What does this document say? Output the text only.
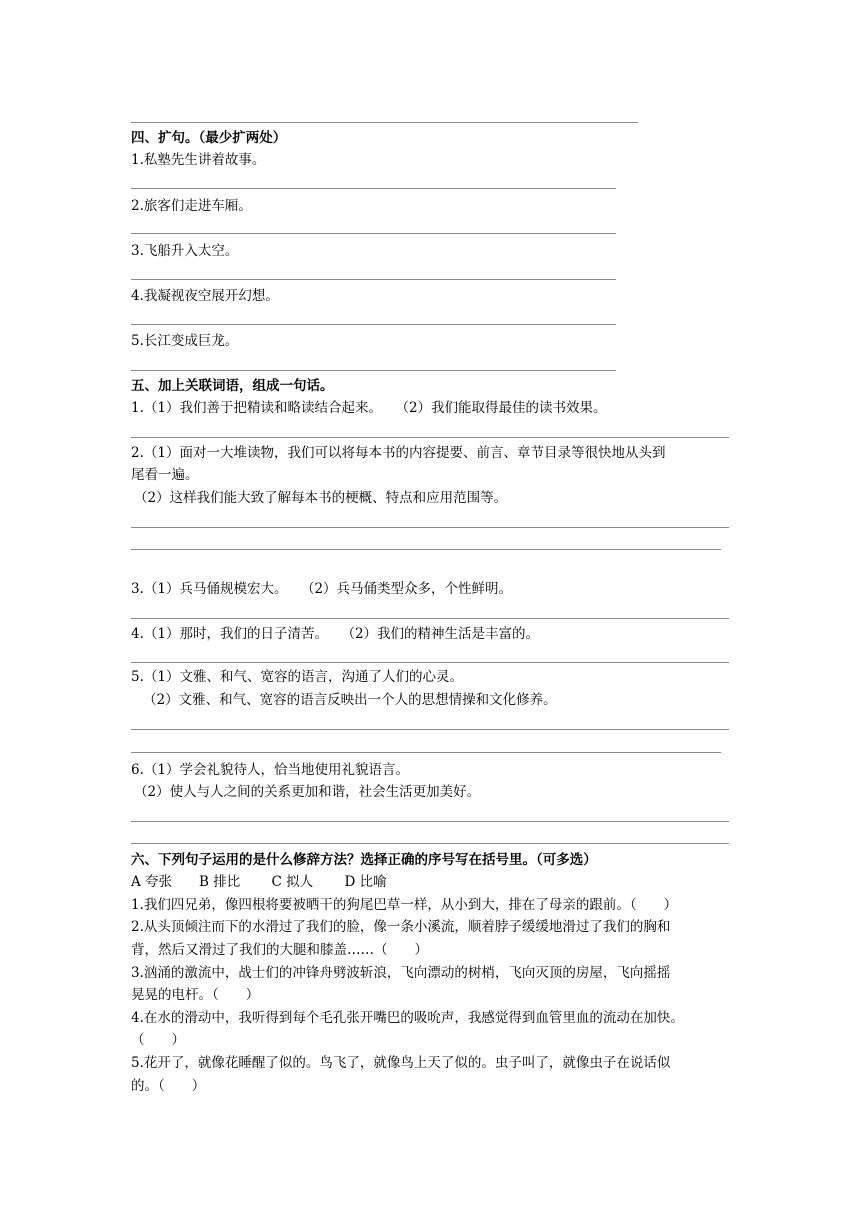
四、扩句。（最少扩两处）
1.私塾先生讲着故事。
2.旅客们走进车厢。
3.飞船升入太空。
4.我凝视夜空展开幻想。
5.长江变成巨龙。
五、加上关联词语，组成一句话。
1.（1）我们善于把精读和略读结合起来。　　（2）我们能取得最佳的读书效果。
2.（1）面对一大堆读物，我们可以将每本书的内容提要、前言、章节目录等很快地从头到
尾看一遍。
（2）这样我们能大致了解每本书的梗概、特点和应用范围等。
3.（1）兵马俑规模宏大。　　（2）兵马俑类型众多，个性鲜明。
4.（1）那时，我们的日子清苦。　　（2）我们的精神生活是丰富的。
5.（1）文雅、和气、宽容的语言，沟通了人们的心灵。
（2）文雅、和气、宽容的语言反映出一个人的思想情操和文化修养。
6.（1）学会礼貌待人，恰当地使用礼貌语言。
（2）使人与人之间的关系更加和谐，社会生活更加美好。
六、下列句子运用的是什么修辞方法？选择正确的序号写在括号里。（可多选）
A 夸张　　B 排比　　 C 拟人　　 D 比喻
1.我们四兄弟，像四根将要被晒干的狗尾巴草一样，从小到大，排在了母亲的跟前。（　　）
2.从头顶倾注而下的水滑过了我们的脸，像一条小溪流，顺着脖子缓缓地滑过了我们的胸和
背，然后又滑过了我们的大腿和膝盖……（　　）
3.汹涌的激流中，战士们的冲锋舟劈波斩浪，飞向漂动的树梢，飞向灭顶的房屋，飞向摇摇
晃晃的电杆。（　　）
4.在水的滑动中，我听得到每个毛孔张开嘴巴的吸吮声，我感觉得到血管里血的流动在加快。
（　　）
5.花开了，就像花睡醒了似的。鸟飞了，就像鸟上天了似的。虫子叫了，就像虫子在说话似
的。（　　）
